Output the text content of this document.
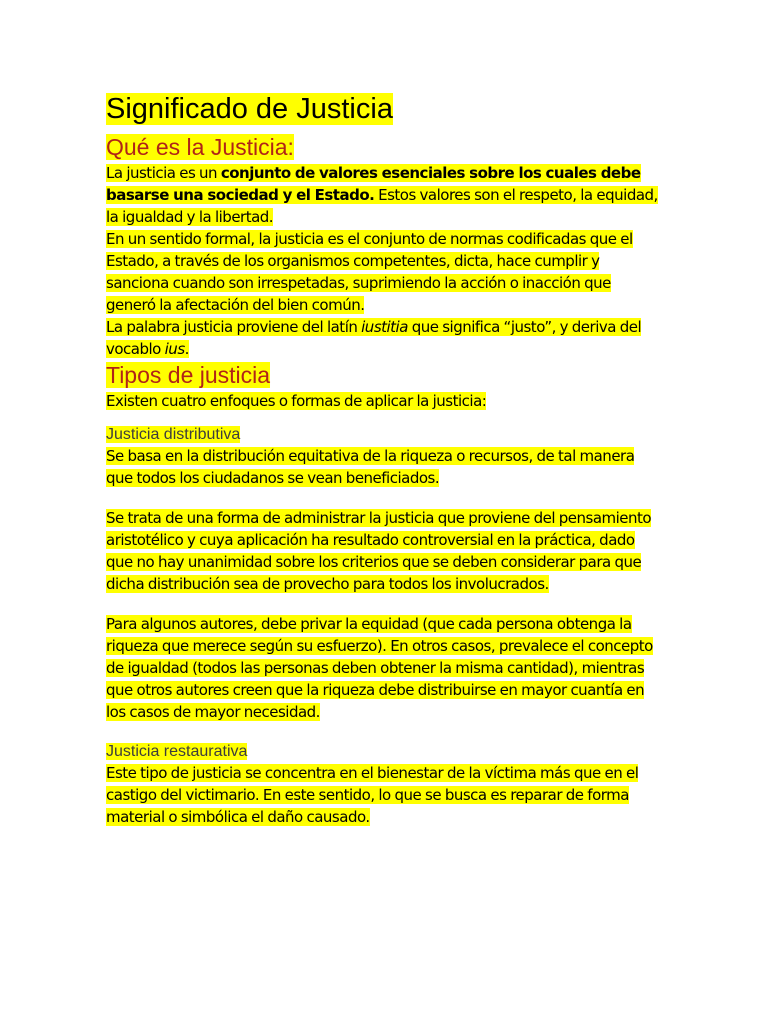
Significado de Justicia
Qué es la Justicia:

La justicia es un conjunto de valores esenciales sobre los cuales debe basarse una sociedad y el Estado. Estos valores son el respeto, la equidad, la igualdad y la libertad.

En un sentido formal, la justicia es el conjunto de normas codificadas que el Estado, a través de los organismos competentes, dicta, hace cumplir y sanciona cuando son irrespetadas, suprimiendo la acción o inacción que generó la afectación del bien común.

La palabra justicia proviene del latín iustitia que significa “justo”, y deriva del vocablo ius.

Tipos de justicia

Existen cuatro enfoques o formas de aplicar la justicia:

Justicia distributiva

Se basa en la distribución equitativa de la riqueza o recursos, de tal manera que todos los ciudadanos se vean beneficiados.

Se trata de una forma de administrar la justicia que proviene del pensamiento aristotélico y cuya aplicación ha resultado controversial en la práctica, dado que no hay unanimidad sobre los criterios que se deben considerar para que dicha distribución sea de provecho para todos los involucrados.

Para algunos autores, debe privar la equidad (que cada persona obtenga la riqueza que merece según su esfuerzo). En otros casos, prevalece el concepto de igualdad (todos las personas deben obtener la misma cantidad), mientras que otros autores creen que la riqueza debe distribuirse en mayor cuantía en los casos de mayor necesidad.

Justicia restaurativa

Este tipo de justicia se concentra en el bienestar de la víctima más que en el castigo del victimario. En este sentido, lo que se busca es reparar de forma material o simbólica el daño causado.
